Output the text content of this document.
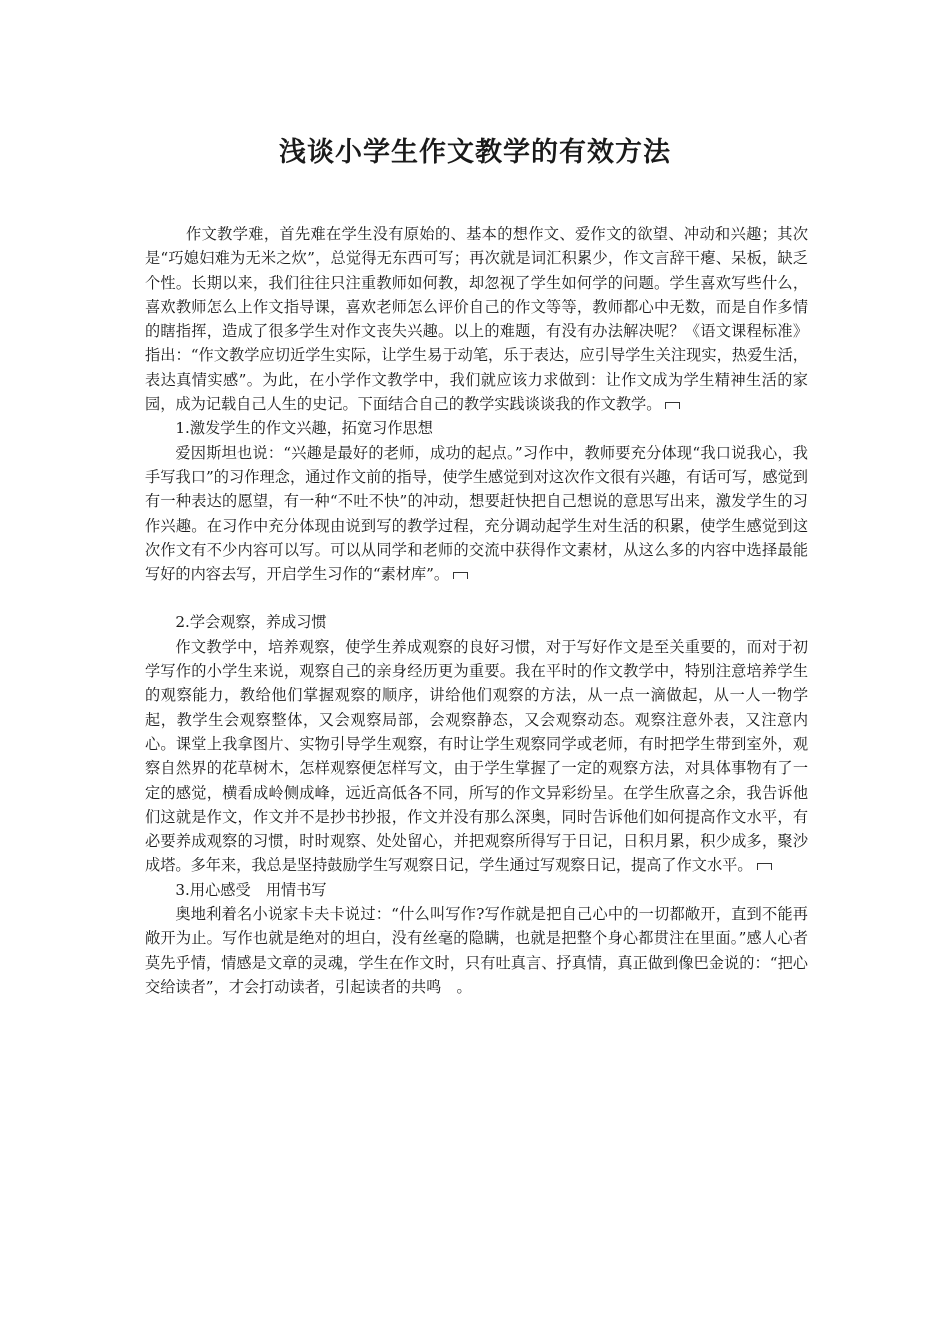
浅谈小学生作文教学的有效方法

作文教学难，首先难在学生没有原始的、基本的想作文、爱作文的欲望、冲动和兴趣；其次是“巧媳妇难为无米之炊”，总觉得无东西可写；再次就是词汇积累少，作文言辞干瘪、呆板，缺乏个性。长期以来，我们往往只注重教师如何教，却忽视了学生如何学的问题。学生喜欢写些什么，喜欢教师怎么上作文指导课，喜欢老师怎么评价自己的作文等等，教师都心中无数，而是自作多情的瞎指挥，造成了很多学生对作文丧失兴趣。以上的难题，有没有办法解决呢？《语文课程标准》指出：“作文教学应切近学生实际，让学生易于动笔，乐于表达，应引导学生关注现实，热爱生活，表达真情实感”。为此，在小学作文教学中，我们就应该力求做到：让作文成为学生精神生活的家园，成为记载自己人生的史记。下面结合自己的教学实践谈谈我的作文教学。

1.激发学生的作文兴趣，拓宽习作思想

爱因斯坦也说：“兴趣是最好的老师，成功的起点。”习作中，教师要充分体现“我口说我心，我手写我口”的习作理念，通过作文前的指导，使学生感觉到对这次作文很有兴趣，有话可写，感觉到有一种表达的愿望，有一种“不吐不快”的冲动，想要赶快把自己想说的意思写出来，激发学生的习作兴趣。在习作中充分体现由说到写的教学过程，充分调动起学生对生活的积累，使学生感觉到这次作文有不少内容可以写。可以从同学和老师的交流中获得作文素材，从这么多的内容中选择最能写好的内容去写，开启学生习作的“素材库”。

2.学会观察，养成习惯

作文教学中，培养观察，使学生养成观察的良好习惯，对于写好作文是至关重要的，而对于初学写作的小学生来说，观察自己的亲身经历更为重要。我在平时的作文教学中，特别注意培养学生的观察能力，教给他们掌握观察的顺序，讲给他们观察的方法，从一点一滴做起，从一人一物学起，教学生会观察整体，又会观察局部，会观察静态，又会观察动态。观察注意外表，又注意内心。课堂上我拿图片、实物引导学生观察，有时让学生观察同学或老师，有时把学生带到室外，观察自然界的花草树木，怎样观察便怎样写文，由于学生掌握了一定的观察方法，对具体事物有了一定的感觉，横看成岭侧成峰，远近高低各不同，所写的作文异彩纷呈。在学生欣喜之余，我告诉他们这就是作文，作文并不是抄书抄报，作文并没有那么深奥，同时告诉他们如何提高作文水平，有必要养成观察的习惯，时时观察、处处留心，并把观察所得写于日记，日积月累，积少成多，聚沙成塔。多年来，我总是坚持鼓励学生写观察日记，学生通过写观察日记，提高了作文水平。

3.用心感受　用情书写

奥地利着名小说家卡夫卡说过：“什么叫写作?写作就是把自己心中的一切都敞开，直到不能再敞开为止。写作也就是绝对的坦白，没有丝毫的隐瞒，也就是把整个身心都贯注在里面。”感人心者莫先乎情，情感是文章的灵魂，学生在作文时，只有吐真言、抒真情，真正做到像巴金说的：“把心交给读者”，才会打动读者，引起读者的共鸣　。
